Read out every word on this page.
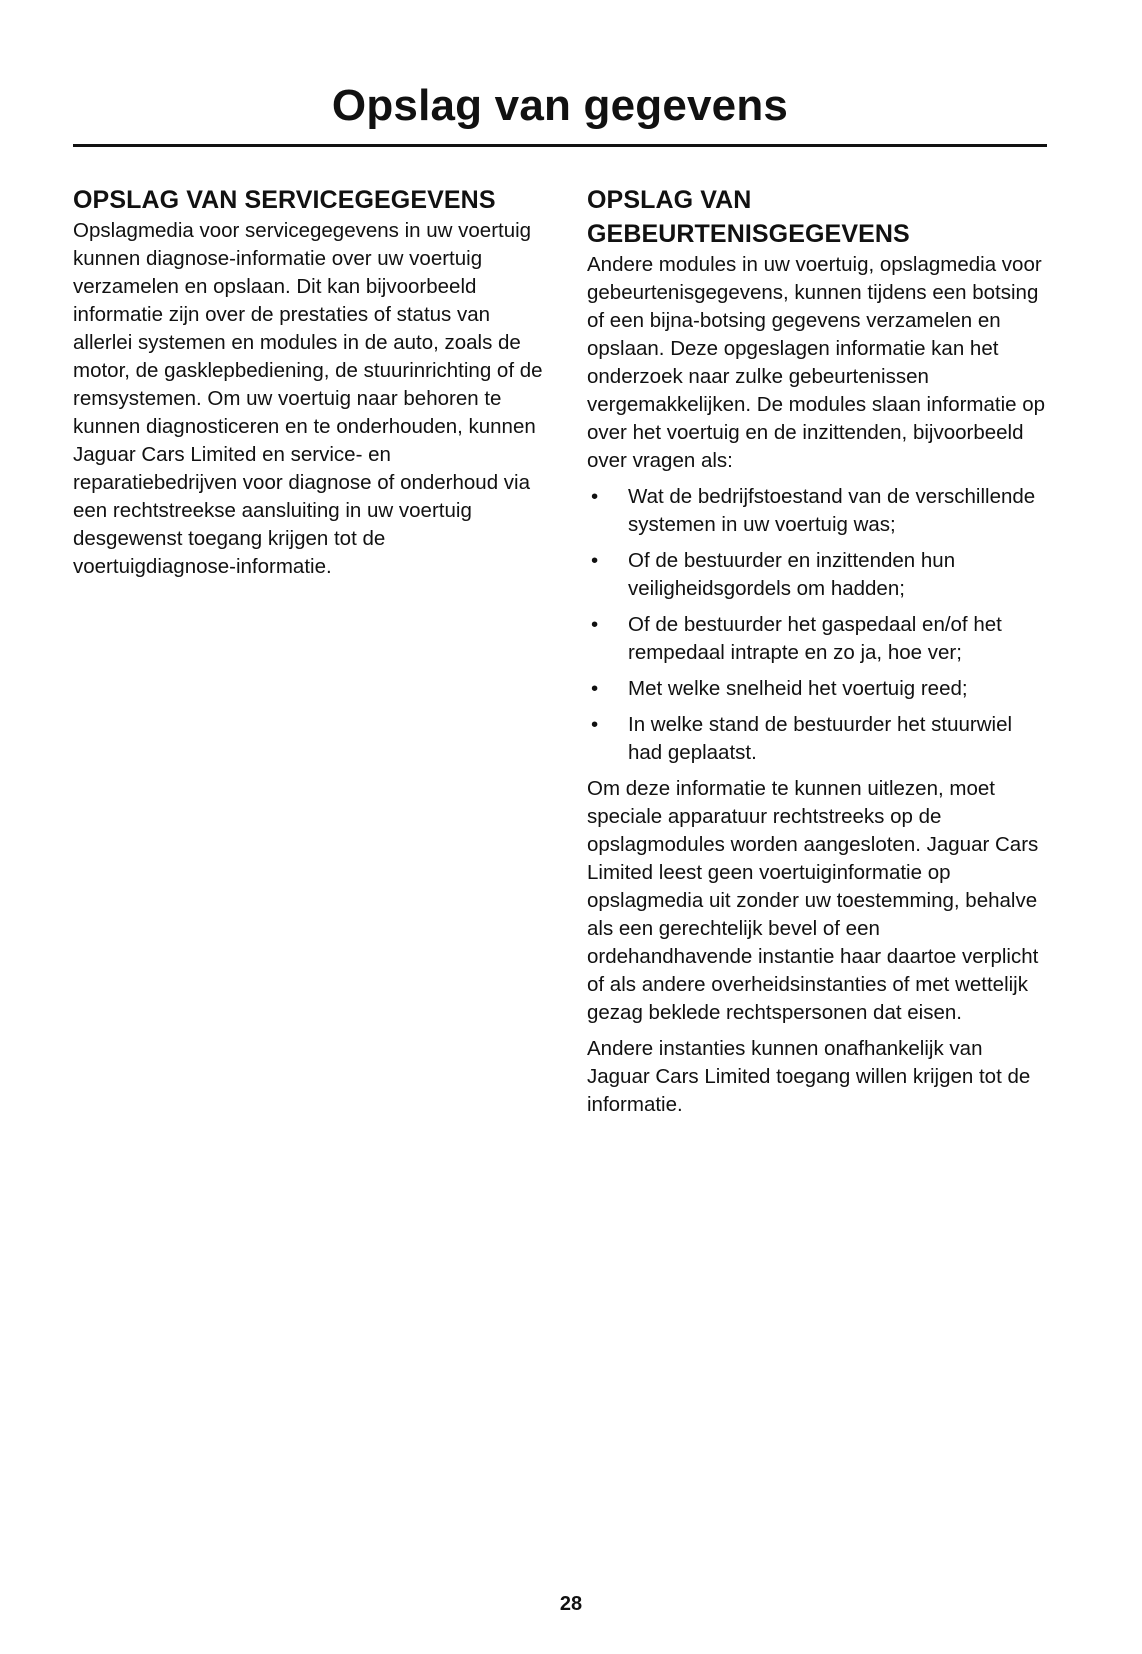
Opslag van gegevens
OPSLAG VAN SERVICEGEGEVENS

Opslagmedia voor servicegegevens in uw voertuig kunnen diagnose-informatie over uw voertuig verzamelen en opslaan. Dit kan bijvoorbeeld informatie zijn over de prestaties of status van allerlei systemen en modules in de auto, zoals de motor, de gasklepbediening, de stuurinrichting of de remsystemen. Om uw voertuig naar behoren te kunnen diagnosticeren en te onderhouden, kunnen Jaguar Cars Limited en service- en reparatiebedrijven voor diagnose of onderhoud via een rechtstreekse aansluiting in uw voertuig desgewenst toegang krijgen tot de voertuigdiagnose-informatie.

OPSLAG VAN GEBEURTENISGEGEVENS

Andere modules in uw voertuig, opslagmedia voor gebeurtenisgegevens, kunnen tijdens een botsing of een bijna-botsing gegevens verzamelen en opslaan. Deze opgeslagen informatie kan het onderzoek naar zulke gebeurtenissen vergemakkelijken. De modules slaan informatie op over het voertuig en de inzittenden, bijvoorbeeld over vragen als:

• Wat de bedrijfstoestand van de verschillende systemen in uw voertuig was;
• Of de bestuurder en inzittenden hun veiligheidsgordels om hadden;
• Of de bestuurder het gaspedaal en/of het rempedaal intrapte en zo ja, hoe ver;
• Met welke snelheid het voertuig reed;
• In welke stand de bestuurder het stuurwiel had geplaatst.

Om deze informatie te kunnen uitlezen, moet speciale apparatuur rechtstreeks op de opslagmodules worden aangesloten. Jaguar Cars Limited leest geen voertuiginformatie op opslagmedia uit zonder uw toestemming, behalve als een gerechtelijk bevel of een ordehandhavende instantie haar daartoe verplicht of als andere overheidsinstanties of met wettelijk gezag beklede rechtspersonen dat eisen.

Andere instanties kunnen onafhankelijk van Jaguar Cars Limited toegang willen krijgen tot de informatie.

28
